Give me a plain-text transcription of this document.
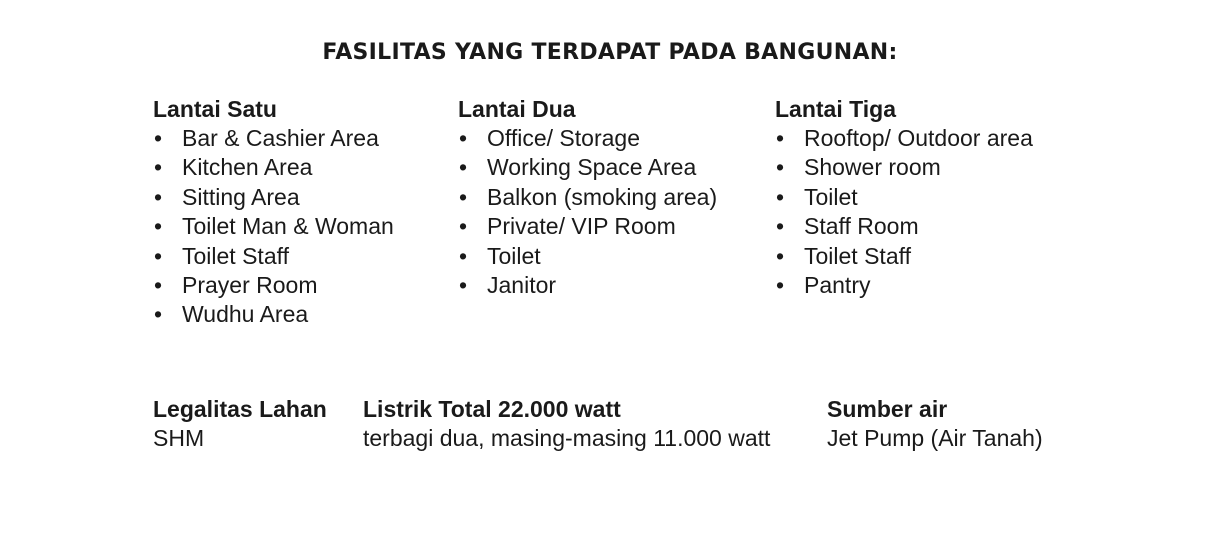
FASILITAS YANG TERDAPAT PADA BANGUNAN:
Lantai Satu
• Bar & Cashier Area
• Kitchen Area
• Sitting Area
• Toilet Man & Woman
• Toilet Staff
• Prayer Room
• Wudhu Area
Lantai Dua
• Office/ Storage
• Working Space Area
• Balkon (smoking area)
• Private/ VIP Room
• Toilet
• Janitor
Lantai Tiga
• Rooftop/ Outdoor area
• Shower room
• Toilet
• Staff Room
• Toilet Staff
• Pantry
Legalitas Lahan
SHM
Listrik Total 22.000 watt
terbagi dua, masing-masing 11.000 watt
Sumber air
Jet Pump (Air Tanah)
